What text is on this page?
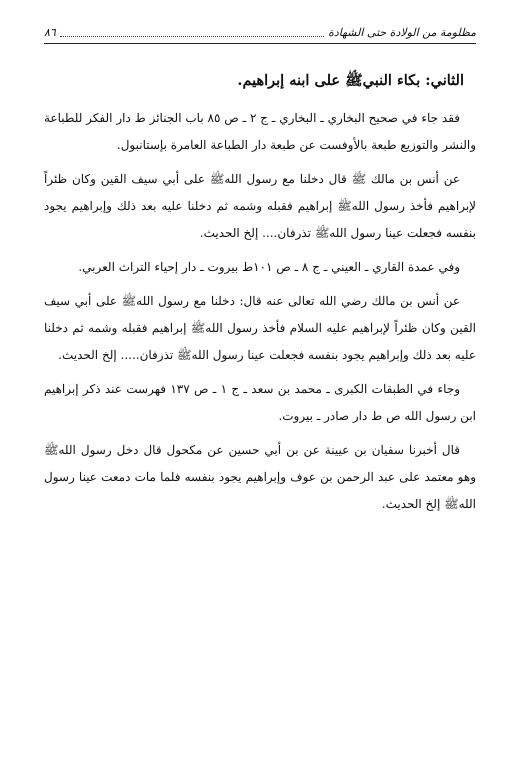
مظلومة من الولادة حتى الشهادة
٨٦
الثاني: بكاء النبيﷺ على ابنه إبراهيم.

فقد جاء في صحيح البخاري ـ البخاري ـ ج ٢ ـ ص ٨٥ باب الجنائز ط دار الفكر للطباعة والنشر والتوزيع طبعة بالأوفست عن طبعة دار الطباعة العامرة بإستانبول.

عن أنس بن مالك ﷺ قال دخلنا مع رسول اللهﷺ على أبي سيف القين وكان ظئراً لإبراهيم فأخذ رسول اللهﷺ إبراهيم فقبله وشمه ثم دخلنا عليه بعد ذلك وإبراهيم يجود بنفسه فجعلت عينا رسول اللهﷺ تذرفان.... إلخ الحديث.

وفي عمدة القاري ـ العيني ـ ج ٨ ـ ص ١٠١ط بيروت ـ دار إحياء التراث العربي.

عن أنس بن مالك رضي الله تعالى عنه قال: دخلنا مع رسول اللهﷺ على أبي سيف القين وكان ظئراً لإبراهيم عليه السلام فأخذ رسول اللهﷺ إبراهيم فقبله وشمه ثم دخلنا عليه بعد ذلك وإبراهيم يجود بنفسه فجعلت عينا رسول اللهﷺ تذرفان..... إلخ الحديث.

وجاء في الطبقات الكبرى ـ محمد بن سعد ـ ج ١ ـ ص ١٣٧ فهرست عند ذكر إبراهيم ابن رسول الله ص ط دار صادر ـ بيروت.

قال أخبرنا سفيان بن عيينة عن بن أبي حسين عن مكحول قال دخل رسول اللهﷺ وهو معتمد على عبد الرحمن بن عوف وإبراهيم يجود بنفسه فلما مات دمعت عينا رسول اللهﷺ إلخ الحديث.
